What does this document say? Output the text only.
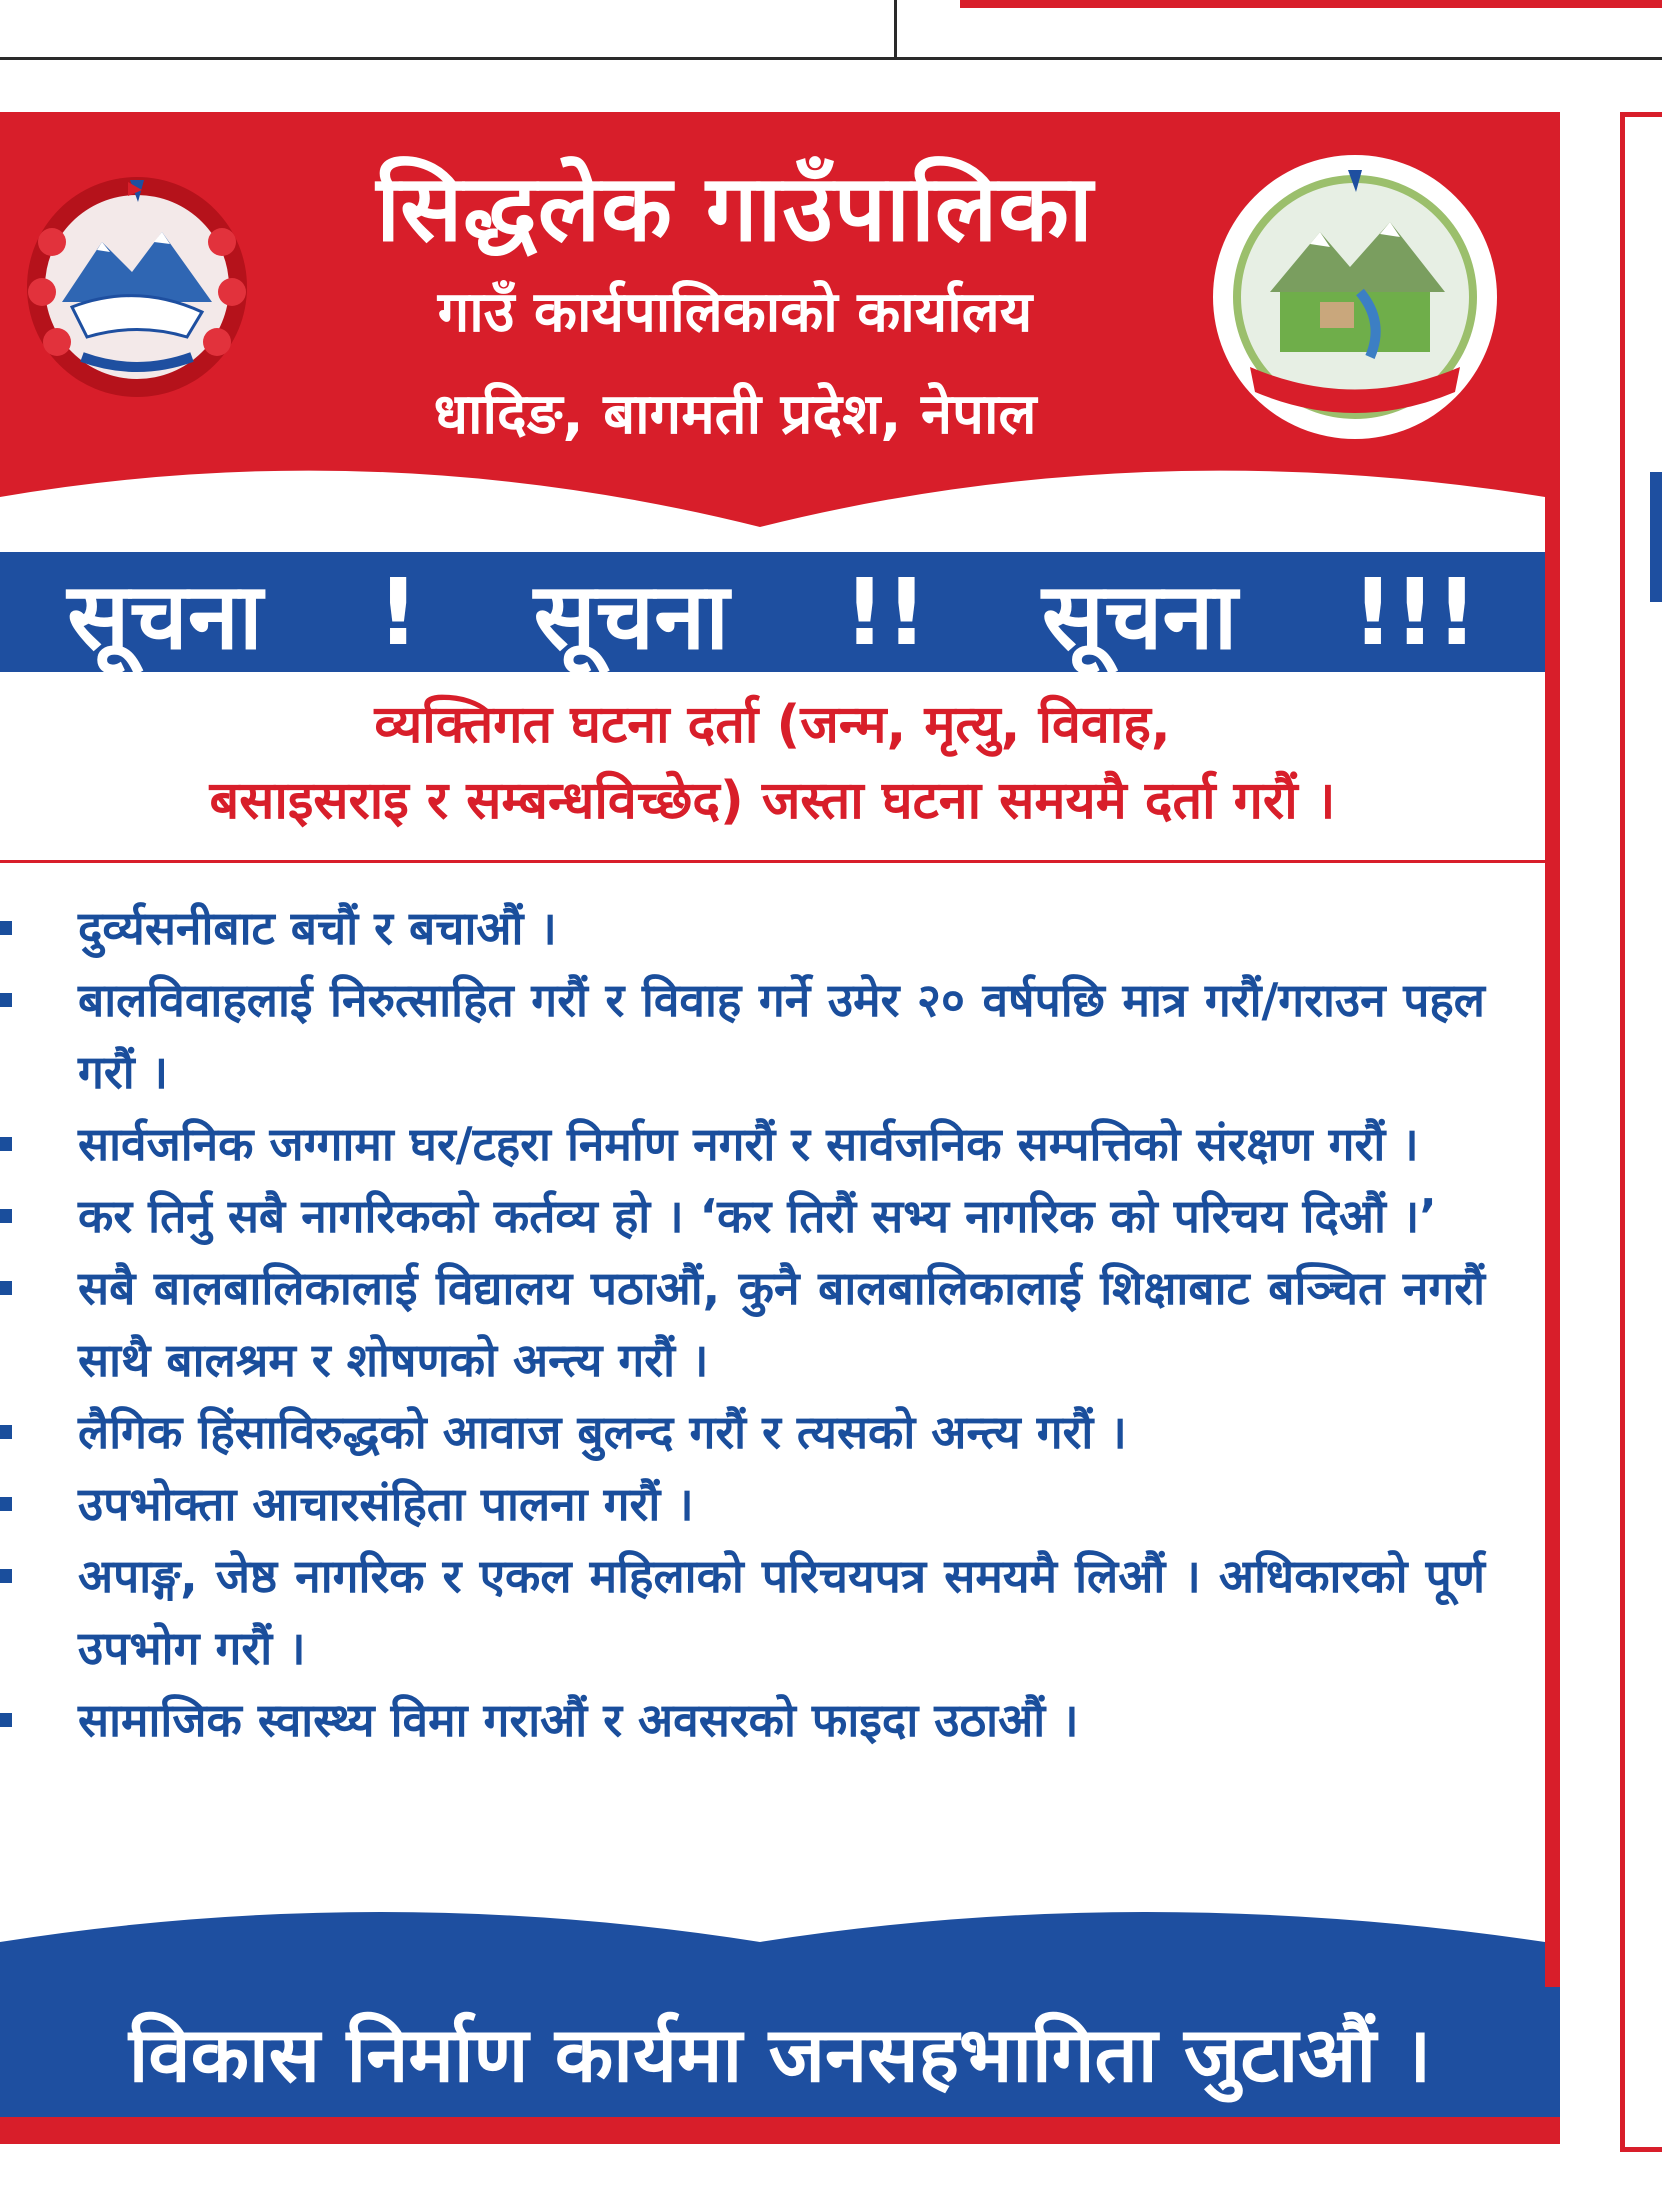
सिद्धलेक गाउँपालिका
गाउँ कार्यपालिकाको कार्यालय
धादिङ, बागमती प्रदेश, नेपाल
सूचना ! सूचना !! सूचना !!!
व्यक्तिगत घटना दर्ता (जन्म, मृत्यु, विवाह,
बसाइसराइ र सम्बन्धविच्छेद) जस्ता घटना समयमै दर्ता गरौं ।
दुर्व्यसनीबाट बचौं र बचाऔं ।
बालविवाहलाई निरुत्साहित गरौं र विवाह गर्ने उमेर २० वर्षपछि मात्र गरौं/गराउन पहल गरौं ।
सार्वजनिक जग्गामा घर/टहरा निर्माण नगरौं र सार्वजनिक सम्पत्तिको संरक्षण गरौं ।
कर तिर्नु सबै नागरिकको कर्तव्य हो । ‘कर तिरौं सभ्य नागरिक को परिचय दिऔं ।’
सबै बालबालिकालाई विद्यालय पठाऔं, कुनै बालबालिकालाई शिक्षाबाट बञ्चित नगरौं साथै बालश्रम र शोषणको अन्त्य गरौं ।
लैगिक हिंसाविरुद्धको आवाज बुलन्द गरौं र त्यसको अन्त्य गरौं ।
उपभोक्ता आचारसंहिता पालना गरौं ।
अपाङ्ग, जेष्ठ नागरिक र एकल महिलाको परिचयपत्र समयमै लिऔं । अधिकारको पूर्ण उपभोग गरौं ।
सामाजिक स्वास्थ्य विमा गराऔं र अवसरको फाइदा उठाऔं ।
विकास निर्माण कार्यमा जनसहभागिता जुटाऔं ।
